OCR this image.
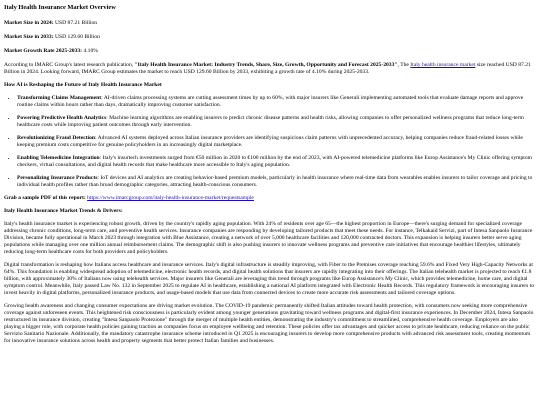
Italy Health Insurance Market Overview
Market Size in 2024: USD 87.21 Billion
Market Size in 2033: USD 129.60 Billion
Market Growth Rate 2025-2033: 4.10%

According to IMARC Group's latest research publication, "Italy Health Insurance Market: Industry Trends, Share, Size, Growth, Opportunity and Forecast 2025-2033", The Italy health insurance market size reached USD 87.21 Billion in 2024. Looking forward, IMARC Group estimates the market to reach USD 129.60 Billion by 2033, exhibiting a growth rate of 4.10% during 2025-2033.

How AI is Reshaping the Future of Italy Health Insurance Market
• Transforming Claims Management: AI-driven claims processing systems are cutting assessment times by up to 60%, with major insurers like Generali implementing automated tools that evaluate damage reports and approve routine claims within hours rather than days, dramatically improving customer satisfaction.
• Powering Predictive Health Analytics: Machine learning algorithms are enabling insurers to predict chronic disease patterns and health risks, allowing companies to offer personalized wellness programs that reduce long-term healthcare costs while improving patient outcomes through early intervention.
• Revolutionizing Fraud Detection: Advanced AI systems deployed across Italian insurance providers are identifying suspicious claim patterns with unprecedented accuracy, helping companies reduce fraud-related losses while keeping premium costs competitive for genuine policyholders in an increasingly digital marketplace.
• Enabling Telemedicine Integration: Italy's insurtech investments surged from €50 million in 2020 to €100 million by the end of 2023, with AI-powered telemedicine platforms like Europ Assistance's My Clinic offering symptom checkers, virtual consultations, and digital health records that make healthcare more accessible to Italy's aging population.
• Personalizing Insurance Products: IoT devices and AI analytics are creating behavior-based premium models, particularly in health insurance where real-time data from wearables enables insurers to tailor coverage and pricing to individual health profiles rather than broad demographic categories, attracting health-conscious consumers.

Grab a sample PDF of this report: https://www.imarcgroup.com/italy-health-insurance-market/requestsample

Italy Health Insurance Market Trends & Drivers:

Italy's health insurance market is experiencing robust growth, driven by the country's rapidly aging population. With 24% of residents over age 65—the highest proportion in Europe—there's surging demand for specialized coverage addressing chronic conditions, long-term care, and preventive health services. Insurance companies are responding by developing tailored products that meet these needs. For instance, Telkakaid Servizi, part of Intesa Sanpaolo Insurance Division, became fully operational in March 2023 through integration with Blue Assistance, creating a network of over 5,000 healthcare facilities and 120,000 contracted doctors. This expansion is helping insurers better serve aging populations while managing over one million annual reimbursement claims. The demographic shift is also pushing insurers to innovate wellness programs and preventive care initiatives that encourage healthier lifestyles, ultimately reducing long-term healthcare costs for both providers and policyholders.

Digital transformation is reshaping how Italians access healthcare and insurance services. Italy's digital infrastructure is steadily improving, with Fiber to the Premises coverage reaching 59.6% and Fixed Very High-Capacity Networks at 64%. This foundation is enabling widespread adoption of telemedicine, electronic health records, and digital health solutions that insurers are rapidly integrating into their offerings. The Italian telehealth market is projected to reach €1.8 billion, with approximately 30% of Italians now using telehealth services. Major insurers like Generali are leveraging this trend through programs like Europ Assistance's My Clinic, which provides telemedicine, home care, and digital symptom control. Meanwhile, Italy passed Law No. 132 in September 2025 to regulate AI in healthcare, establishing a national AI platform integrated with Electronic Health Records. This regulatory framework is encouraging insurers to invest heavily in digital platforms, personalized insurance products, and usage-based models that use data from connected devices to create more accurate risk assessments and tailored coverage options.

Growing health awareness and changing consumer expectations are driving market evolution. The COVID-19 pandemic permanently shifted Italian attitudes toward health protection, with consumers now seeking more comprehensive coverage against unforeseen events. This heightened risk consciousness is particularly evident among younger generations gravitating toward wellness programs and digital-first insurance experiences. In December 2024, Intesa Sanpaolo restructured its insurance division, creating "Intesa Sanpaolo Protezione" through the merger of multiple health entities, demonstrating the industry's commitment to streamlined, comprehensive health coverage. Employers are also playing a bigger role, with corporate health policies gaining traction as companies focus on employee wellbeing and retention. These policies offer tax advantages and quicker access to private healthcare, reducing reliance on the public Servizio Sanitario Nazionale. Additionally, the mandatory catastrophe insurance scheme introduced in Q1 2025 is encouraging insurers to develop more comprehensive products with advanced risk assessment tools, creating momentum for innovative insurance solutions across health and property segments that better protect Italian families and businesses.
